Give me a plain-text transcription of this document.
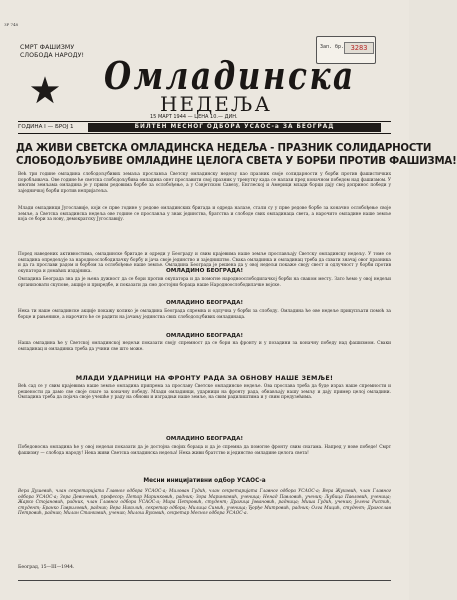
ЗР 748
СМРТ ФАШИЗМУ
СЛОБОДА НАРОДУ!
Зап. бр. 3283
Омладинска
НЕДЕЉА
15 МАРТ 1944 — ЦЕНА 10.— ДИН.
ГОДИНА I — БРОЈ 1	БИЛТЕН МЕСНОГ ОДБОРА УСАОС-а ЗА БЕОГРАД
ДА ЖИВИ СВЕТСКА ОМЛАДИНСКА НЕДЕЉА - ПРАЗНИК СОЛИДАРНОСТИ
СЛОБОДОЉУБИВЕ ОМЛАДИНЕ ЦЕЛОГА СВЕТА У БОРБИ ПРОТИВ ФАШИЗМА!
Већ три године омладина слободољубивих земаља прославља Светску омладинску недељу као празник своје солидарности у борби против фашистичких поробљивача. Ове године ће светска слободољубива омладина опет прославити свој празник у тренутку када се налази пред коначном победом над фашизмом. У многим земљама омладина је у првим редовима борбе за ослобођење, а у Совјетском Савезу, Енглеској и Америци млади борци дају свој допринос победи у заједничкој борби против непријатеља.
Млади омладинци Југославије, који се прве године у редове омладинских бригада и одреда налазе, стали су у прве редове борбе за коначно ослобођење своје земље, а Светска омладинска недеља ове године се прославља у знак јединства, братства и слободе свих омладинаца света, а нарочито омладине наше земље која се бори за нову, демократску Југославију.
ОМЛАДИНО БЕОГРАДА!
Поред наведених активностима, омладинске бригаде и одреди у Београду и свим крајевима наше земље прослављају Светску омладинску недељу. У томе се омладина опредељује за народноослободилачку борбу и јача своје јединство и заједништво. Свака омладинка и омладинац треба да схвати значај овог празника и да га прослави радом и борбом за ослобођење наше земље. Омладина Београда је решена да у овој недељи покаже своју свест и одлучност у борби против окупатора и домаћих издајника.
ОМЛАДИНО БЕОГРАДА!
Омладина Београда зна да је њена дужност да се бори против окупатора и да помогне народноослободилачкој борби на сваком месту. Зато ћемо у овој недељи организовати скупове, акције и приредбе, и показати да смо достојни бораца наше Народноослободилачке војске.
ОМЛАДИНО БЕОГРАДА!
Нека ти наше омладинске акције покажу колико је омладина Београда спремна и одлучна у борби за слободу. Омладина ће ове недеље прикупљати помоћ за борце и рањенике, а нарочито ће се радити на јачању јединства свих слободољубивих омладинаца.
Наша омладина ће у Светској омладинској недељи показати своју спремност да се бори на фронту и у позадини за коначну победу над фашизмом. Сваки омладинац и омладинка треба да учини све што може.
МЛАДИ УДАРНИЦИ НА ФРОНТУ РАДА ЗА ОБНОВУ НАШЕ ЗЕМЉЕ!
Већ сад се у свим крајевима наше земље омладина припрема за прославу Светске омладинске недеље. Ова прослава треба да буде израз наше спремности и решености да дамо све своје снаге за коначну победу. Млади омладинци, ударници на фронту рада, обнављају нашу земљу и дају пример целој омладини. Омладина треба да појача своје учешће у раду на обнови и изградњи наше земље, на свим радилиштима и у свим предузећима.
ОМЛАДИНО БЕОГРАДА!
Победоносна омладина ће у овој недељи показати да је достојна својих бораца и да је спремна да помогне фронту свим снагама. Напред у нове победе! Смрт фашизму — слобода народу! Нека живи Светска омладинска недеља! Нека живи братство и јединство омладине целога света!
Месни иницијативни одбор УСАОС-а
Вера Душевић, члан секретаријата Главног одбора УСАОС-а; Милован Гудић, члан секретаријата Главног одбора УСАОС-а; Вера Жуковић, члан Главног одбора УСАОС-а; Зора Девичевић, професор; Петар Маринковић, радник; Зора Маринковић, ученица; Ненад Павловић, ученик; Љубица Павловић, ученица; Жарко Стојановић, радник, члан Главног одбора УСАОС-а; Мира Петровић, студент; Драгица Јовановић, радница; Миша Гудић, ученик; Јелена Ристић, студент; Бранко Гавриловић, радник; Вера Николић, секретар одбора; Милица Симић, ученица; Ђорђе Митровић, радник; Олга Мицић, студент; Драгослав Петровић, радник; Милан Станковић, ученик; Милош Вуковић, секретар Месног одбора УСАОС-а.
Београд, 15—III—1944.
